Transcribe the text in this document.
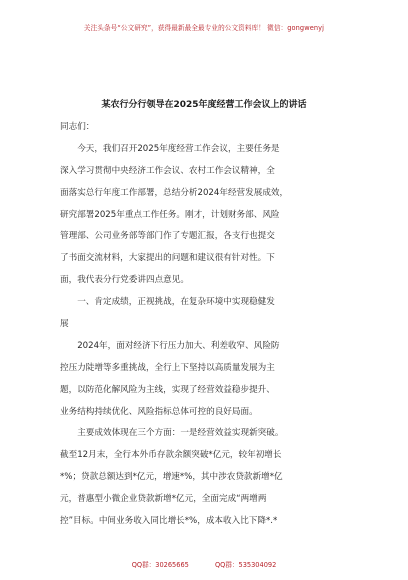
关注头条号“公文研究”，获得最新最全最专业的公文资料库！ 微信：gongwenyj
某农行分行领导在2025年度经营工作会议上的讲话
同志们：
　　今天，我们召开2025年度经营工作会议，主要任务是
深入学习贯彻中央经济工作会议、农村工作会议精神，全
面落实总行年度工作部署，总结分析2024年经营发展成效，
研究部署2025年重点工作任务。刚才，计划财务部、风险
管理部、公司业务部等部门作了专题汇报，各支行也提交
了书面交流材料，大家提出的问题和建议很有针对性。下
面，我代表分行党委讲四点意见。
　　一、肯定成绩，正视挑战，在复杂环境中实现稳健发
展
　　2024年，面对经济下行压力加大、利差收窄、风险防
控压力陡增等多重挑战，全行上下坚持以高质量发展为主
题，以防范化解风险为主线，实现了经营效益稳步提升、
业务结构持续优化、风险指标总体可控的良好局面。
　　主要成效体现在三个方面：一是经营效益实现新突破。
截至12月末，全行本外币存款余额突破*亿元，较年初增长
*%；贷款总额达到*亿元，增速*%，其中涉农贷款新增*亿
元，普惠型小微企业贷款新增*亿元，全面完成“两增两
控”目标。中间业务收入同比增长*%，成本收入比下降*.*
QQ群：30265665	QQ群：535304092
